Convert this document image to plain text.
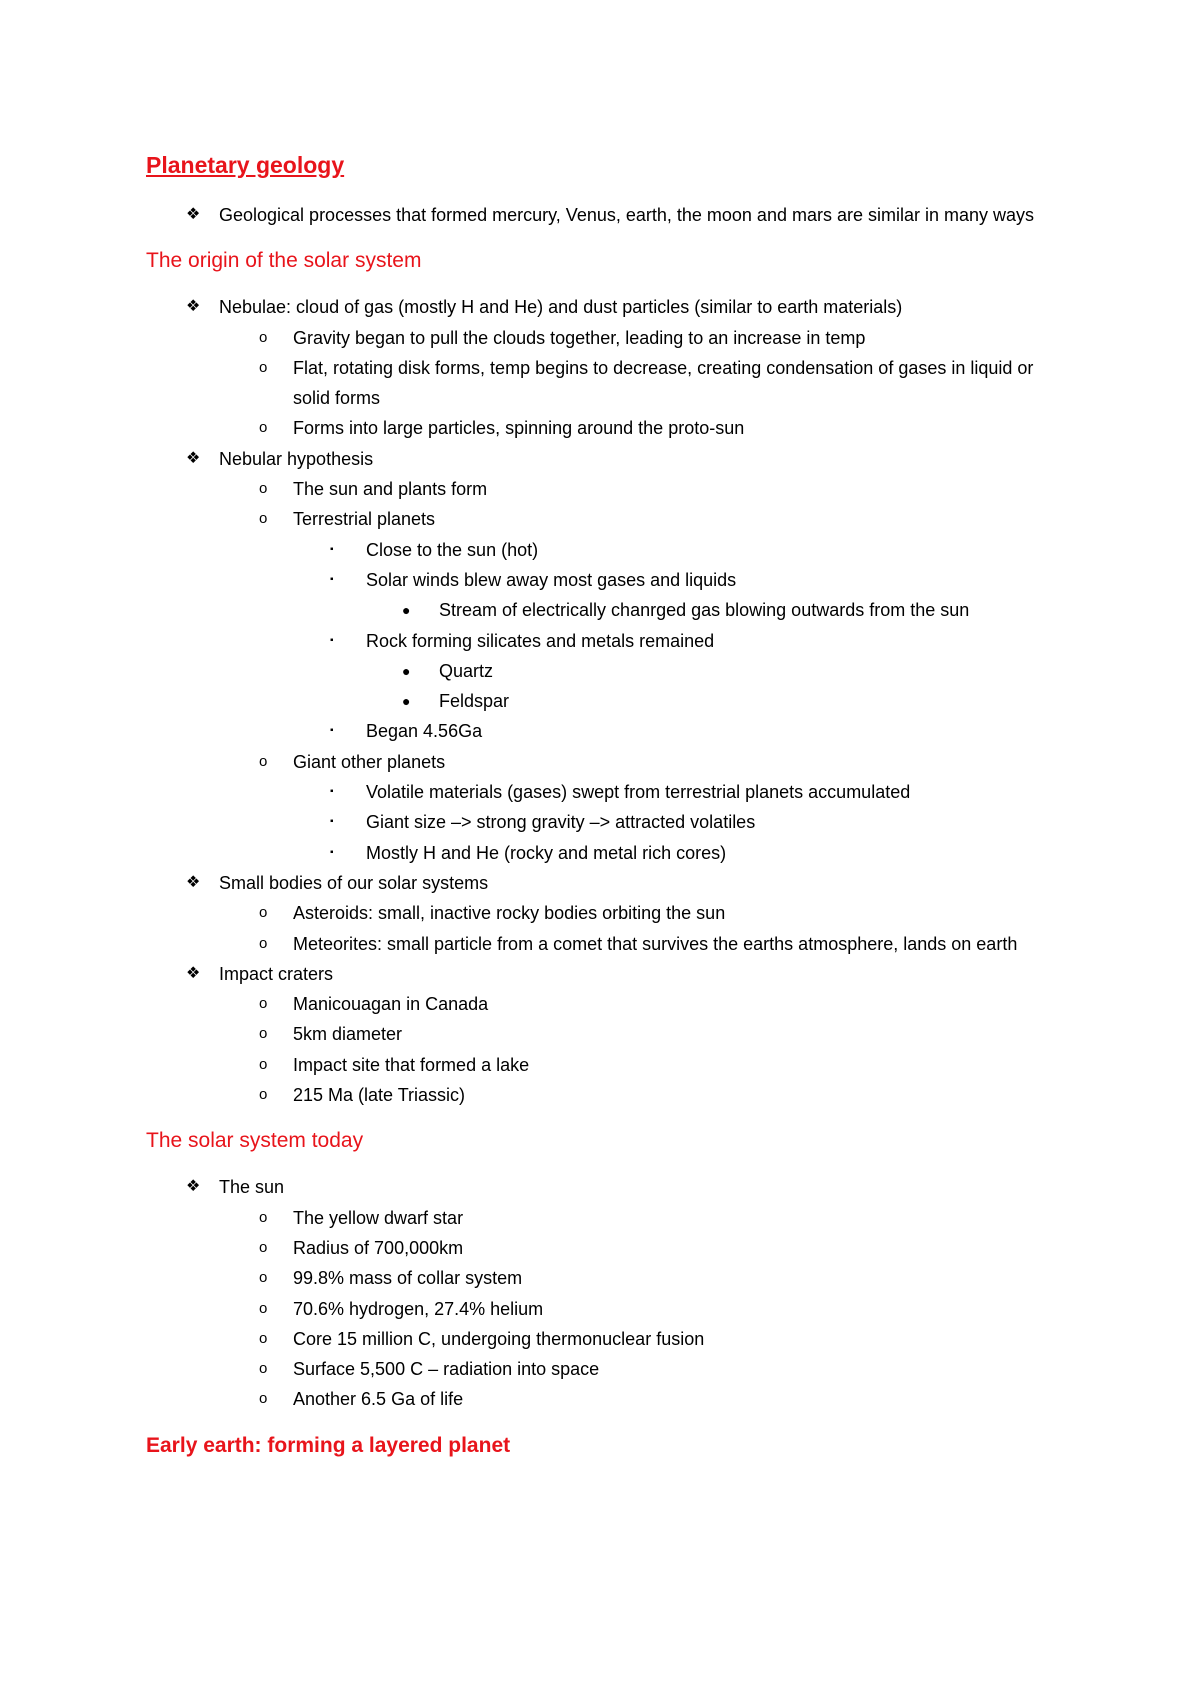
Planetary geology
❖ Geological processes that formed mercury, Venus, earth, the moon and mars are similar in many ways
The origin of the solar system
❖ Nebulae: cloud of gas (mostly H and He) and dust particles (similar to earth materials)
o Gravity began to pull the clouds together, leading to an increase in temp
o Flat, rotating disk forms, temp begins to decrease, creating condensation of gases in liquid or solid forms
o Forms into large particles, spinning around the proto-sun
❖ Nebular hypothesis
o The sun and plants form
o Terrestrial planets
▪ Close to the sun (hot)
▪ Solar winds blew away most gases and liquids
● Stream of electrically chanrged gas blowing outwards from the sun
▪ Rock forming silicates and metals remained
● Quartz
● Feldspar
▪ Began 4.56Ga
o Giant other planets
▪ Volatile materials (gases) swept from terrestrial planets accumulated
▪ Giant size –> strong gravity –> attracted volatiles
▪ Mostly H and He (rocky and metal rich cores)
❖ Small bodies of our solar systems
o Asteroids: small, inactive rocky bodies orbiting the sun
o Meteorites: small particle from a comet that survives the earths atmosphere, lands on earth
❖ Impact craters
o Manicouagan in Canada
o 5km diameter
o Impact site that formed a lake
o 215 Ma (late Triassic)
The solar system today
❖ The sun
o The yellow dwarf star
o Radius of 700,000km
o 99.8% mass of collar system
o 70.6% hydrogen, 27.4% helium
o Core 15 million C, undergoing thermonuclear fusion
o Surface 5,500 C – radiation into space
o Another 6.5 Ga of life
Early earth: forming a layered planet
